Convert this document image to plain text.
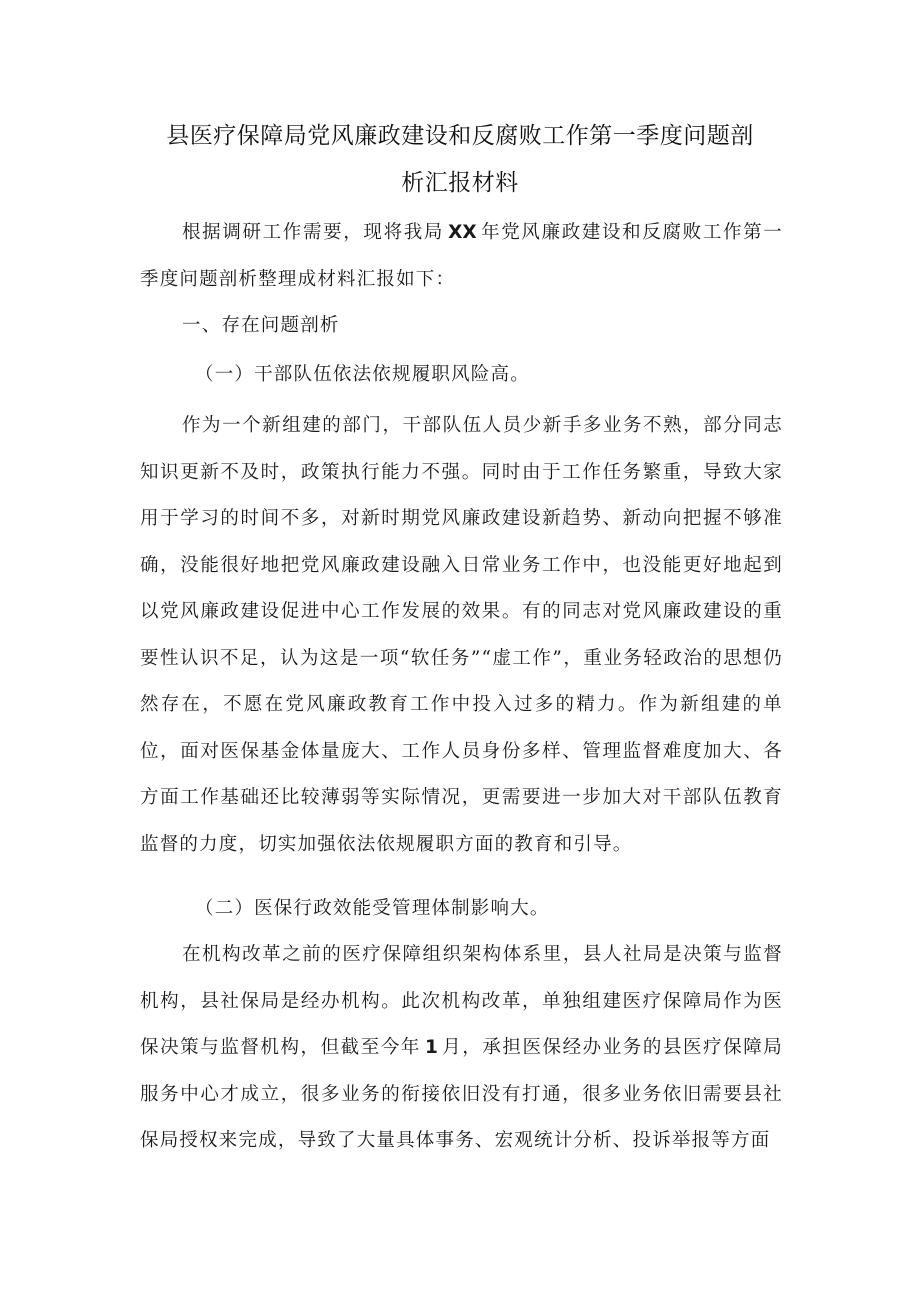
县医疗保障局党风廉政建设和反腐败工作第一季度问题剖
析汇报材料
根据调研工作需要，现将我局 XX 年党风廉政建设和反腐败工作第一季度问题剖析整理成材料汇报如下：
一、存在问题剖析
（一）干部队伍依法依规履职风险高。
作为一个新组建的部门，干部队伍人员少新手多业务不熟，部分同志知识更新不及时，政策执行能力不强。同时由于工作任务繁重，导致大家用于学习的时间不多，对新时期党风廉政建设新趋势、新动向把握不够准确，没能很好地把党风廉政建设融入日常业务工作中，也没能更好地起到以党风廉政建设促进中心工作发展的效果。有的同志对党风廉政建设的重要性认识不足，认为这是一项“软任务”“虚工作”，重业务轻政治的思想仍然存在，不愿在党风廉政教育工作中投入过多的精力。作为新组建的单位，面对医保基金体量庞大、工作人员身份多样、管理监督难度加大、各方面工作基础还比较薄弱等实际情况，更需要进一步加大对干部队伍教育监督的力度，切实加强依法依规履职方面的教育和引导。
（二）医保行政效能受管理体制影响大。
在机构改革之前的医疗保障组织架构体系里，县人社局是决策与监督机构，县社保局是经办机构。此次机构改革，单独组建医疗保障局作为医保决策与监督机构，但截至今年 1 月，承担医保经办业务的县医疗保障局服务中心才成立，很多业务的衔接依旧没有打通，很多业务依旧需要县社保局授权来完成，导致了大量具体事务、宏观统计分析、投诉举报等方面
